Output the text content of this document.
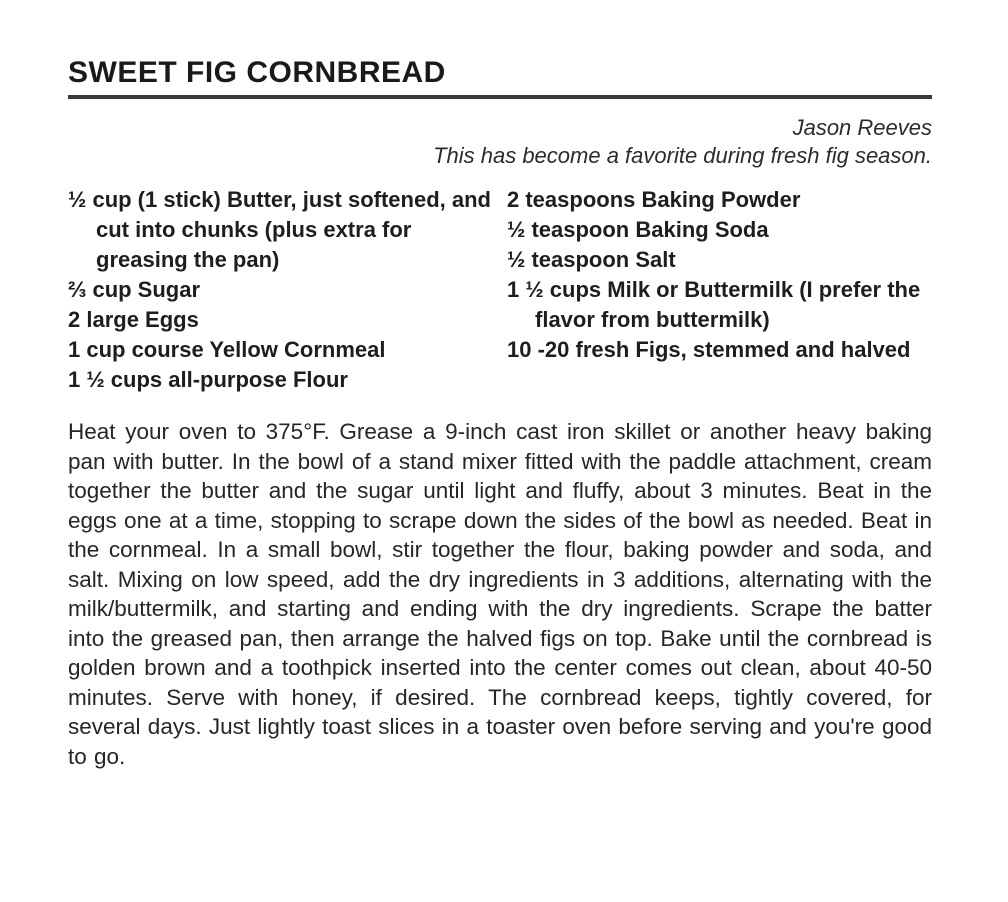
SWEET FIG CORNBREAD
Jason Reeves
This has become a favorite during fresh fig season.
½ cup (1 stick) Butter, just softened, and cut into chunks (plus extra for greasing the pan)
⅔ cup Sugar
2 large Eggs
1 cup course Yellow Cornmeal
1 ½ cups all-purpose Flour
2 teaspoons Baking Powder
½ teaspoon Baking Soda
½ teaspoon Salt
1 ½ cups Milk or Buttermilk (I prefer the flavor from buttermilk)
10 -20 fresh Figs, stemmed and halved

Heat your oven to 375°F. Grease a 9-inch cast iron skillet or another heavy baking pan with butter. In the bowl of a stand mixer fitted with the paddle attachment, cream together the butter and the sugar until light and fluffy, about 3 minutes. Beat in the eggs one at a time, stopping to scrape down the sides of the bowl as needed. Beat in the cornmeal. In a small bowl, stir together the flour, baking powder and soda, and salt. Mixing on low speed, add the dry ingredients in 3 additions, alternating with the milk/buttermilk, and starting and ending with the dry ingredients. Scrape the batter into the greased pan, then arrange the halved figs on top. Bake until the cornbread is golden brown and a toothpick inserted into the center comes out clean, about 40-50 minutes. Serve with honey, if desired. The cornbread keeps, tightly covered, for several days. Just lightly toast slices in a toaster oven before serving and you're good to go.
